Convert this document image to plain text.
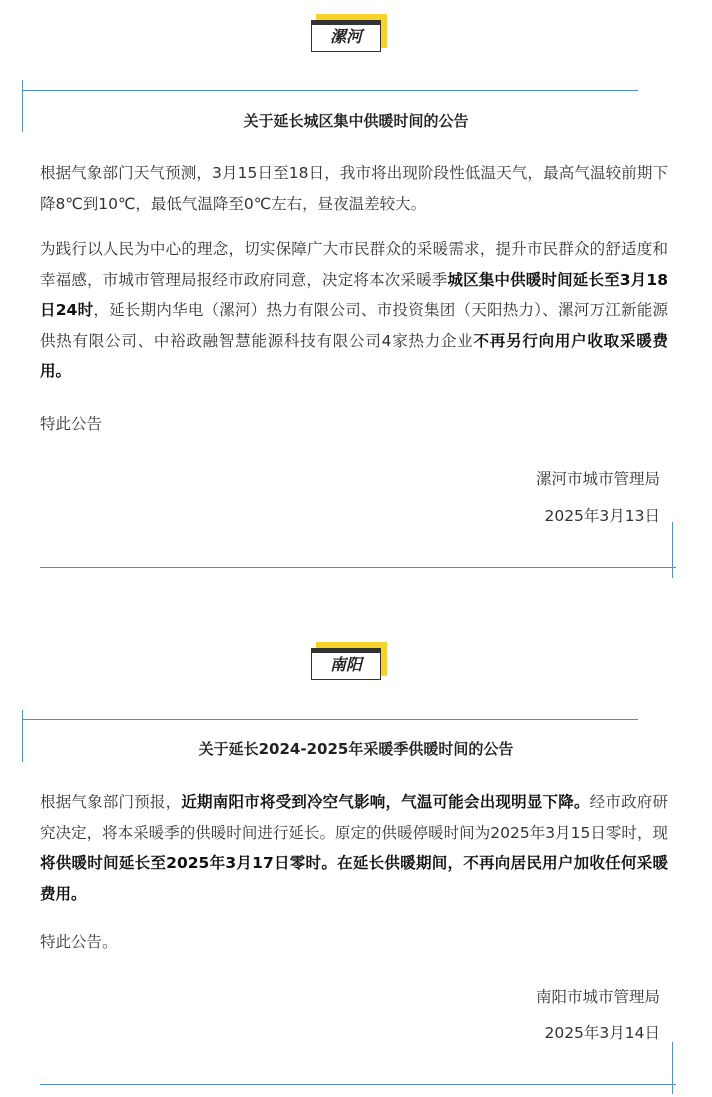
漯河
关于延长城区集中供暖时间的公告
根据气象部门天气预测，3月15日至18日，我市将出现阶段性低温天气，最高气温较前期下降8℃到10℃，最低气温降至0℃左右，昼夜温差较大。
为践行以人民为中心的理念，切实保障广大市民群众的采暖需求，提升市民群众的舒适度和幸福感，市城市管理局报经市政府同意，决定将本次采暖季城区集中供暖时间延长至3月18日24时，延长期内华电（漯河）热力有限公司、市投资集团（天阳热力）、漯河万江新能源供热有限公司、中裕政融智慧能源科技有限公司4家热力企业不再另行向用户收取采暖费用。
特此公告
漯河市城市管理局
2025年3月13日
南阳
关于延长2024-2025年采暖季供暖时间的公告
根据气象部门预报，近期南阳市将受到冷空气影响，气温可能会出现明显下降。经市政府研究决定，将本采暖季的供暖时间进行延长。原定的供暖停暖时间为2025年3月15日零时，现将供暖时间延长至2025年3月17日零时。在延长供暖期间，不再向居民用户加收任何采暖费用。
特此公告。
南阳市城市管理局
2025年3月14日
